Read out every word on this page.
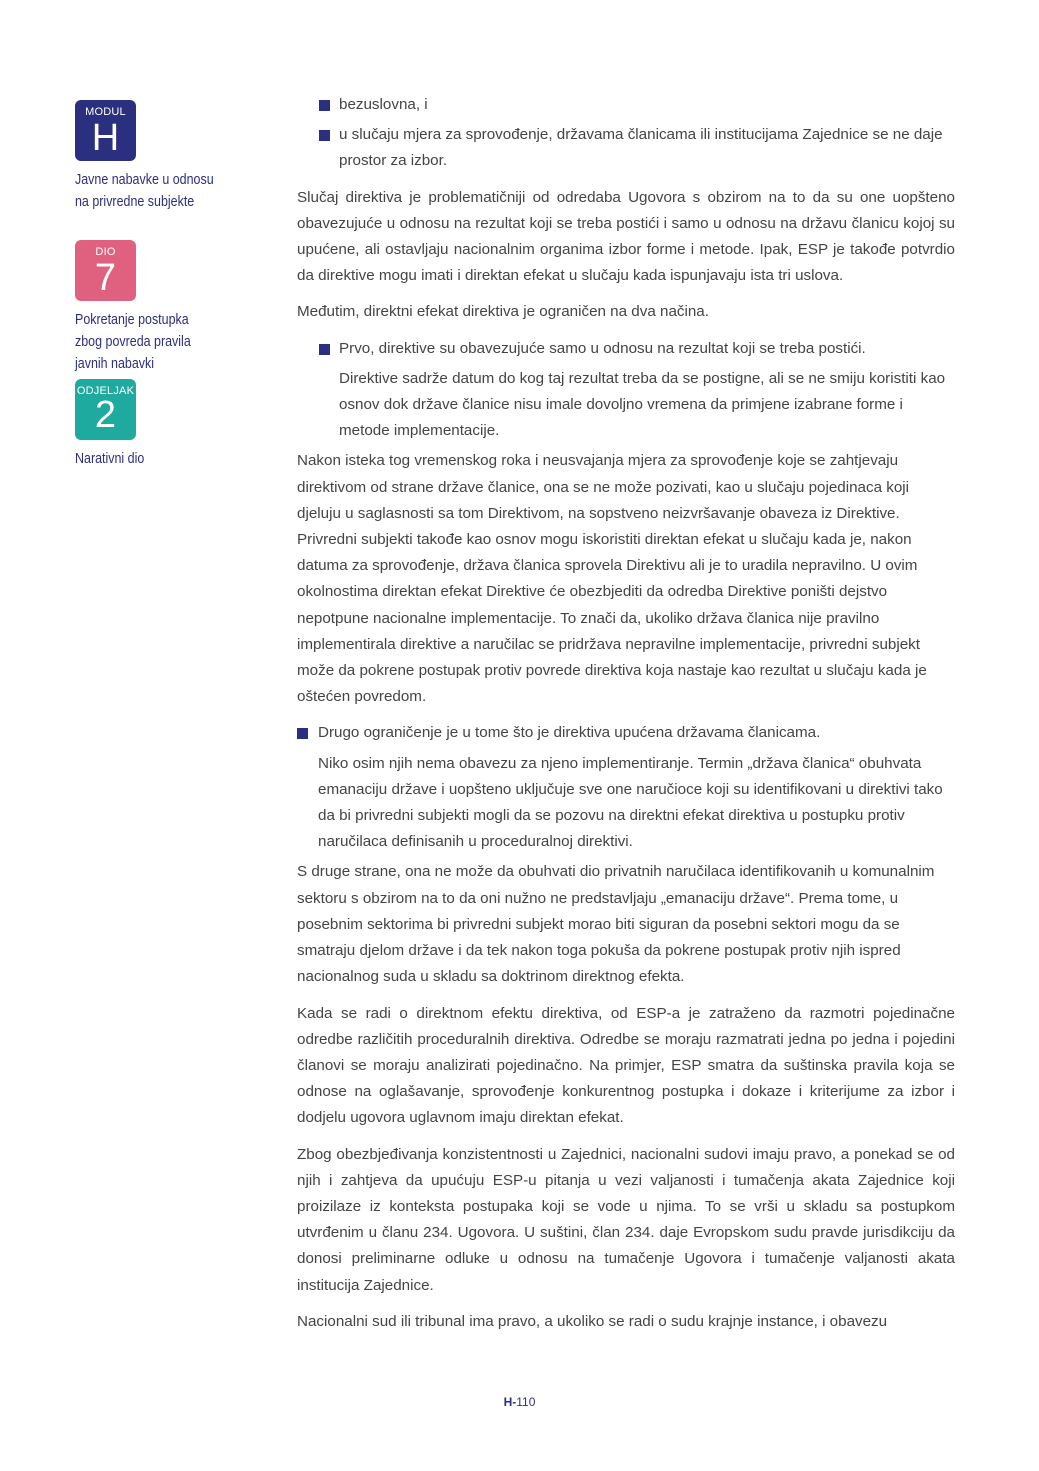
MODUL
H
Javne nabavke u odnosu
na privredne subjekte
DIO
7
Pokretanje postupka
zbog povreda pravila
javnih nabavki
ODJELJAK
2
Narativni dio
bezuslovna, i
u slučaju mjera za sprovođenje, državama članicama ili institucijama Zajednice se ne daje prostor za izbor.

Slučaj direktiva je problematičniji od odredaba Ugovora s obzirom na to da su one uopšteno obavezujuće u odnosu na rezultat koji se treba postići i samo u odnosu na državu članicu kojoj su upućene, ali ostavljaju nacionalnim organima izbor forme i metode. Ipak, ESP je takođe potvrdio da direktive mogu imati i direktan efekat u slučaju kada ispunjavaju ista tri uslova.

Međutim, direktni efekat direktiva je ograničen na dva načina.

Prvo, direktive su obavezujuće samo u odnosu na rezultat koji se treba postići.

Direktive sadrže datum do kog taj rezultat treba da se postigne, ali se ne smiju koristiti kao osnov dok države članice nisu imale dovoljno vremena da primjene izabrane forme i metode implementacije.

Nakon isteka tog vremenskog roka i neusvajanja mjera za sprovođenje koje se zahtjevaju direktivom od strane države članice, ona se ne može pozivati, kao u slučaju pojedinaca koji djeluju u saglasnosti sa tom Direktivom, na sopstveno neizvršavanje obaveza iz Direktive. Privredni subjekti takođe kao osnov mogu iskoristiti direktan efekat u slučaju kada je, nakon datuma za sprovođenje, država članica sprovela Direktivu ali je to uradila nepravilno. U ovim okolnostima direktan efekat Direktive će obezbjediti da odredba Direktive poništi dejstvo nepotpune nacionalne implementacije. To znači da, ukoliko država članica nije pravilno implementirala direktive a naručilac se pridržava nepravilne implementacije, privredni subjekt može da pokrene postupak protiv povrede direktiva koja nastaje kao rezultat u slučaju kada je oštećen povredom.

Drugo ograničenje je u tome što je direktiva upućena državama članicama.

Niko osim njih nema obavezu za njeno implementiranje. Termin „država članica“ obuhvata emanaciju države i uopšteno uključuje sve one naručioce koji su identifikovani u direktivi tako da bi privredni subjekti mogli da se pozovu na direktni efekat direktiva u postupku protiv naručilaca definisanih u proceduralnoj direktivi.

S druge strane, ona ne može da obuhvati dio privatnih naručilaca identifikovanih u komunalnim sektoru s obzirom na to da oni nužno ne predstavljaju „emanaciju države“. Prema tome, u posebnim sektorima bi privredni subjekt morao biti siguran da posebni sektori mogu da se smatraju djelom države i da tek nakon toga pokuša da pokrene postupak protiv njih ispred nacionalnog suda u skladu sa doktrinom direktnog efekta.

Kada se radi o direktnom efektu direktiva, od ESP-a je zatraženo da razmotri pojedinačne odredbe različitih proceduralnih direktiva. Odredbe se moraju razmatrati jedna po jedna i pojedini članovi se moraju analizirati pojedinačno. Na primjer, ESP smatra da suštinska pravila koja se odnose na oglašavanje, sprovođenje konkurentnog postupka i dokaze i kriterijume za izbor i dodjelu ugovora uglavnom imaju direktan efekat.

Zbog obezbjeđivanja konzistentnosti u Zajednici, nacionalni sudovi imaju pravo, a ponekad se od njih i zahtjeva da upućuju ESP-u pitanja u vezi valjanosti i tumačenja akata Zajednice koji proizilaze iz konteksta postupaka koji se vode u njima. To se vrši u skladu sa postupkom utvrđenim u članu 234. Ugovora. U suštini, član 234. daje Evropskom sudu pravde jurisdikciju da donosi preliminarne odluke u odnosu na tumačenje Ugovora i tumačenje valjanosti akata institucija Zajednice.

Nacionalni sud ili tribunal ima pravo, a ukoliko se radi o sudu krajnje instance, i obavezu

H-110
